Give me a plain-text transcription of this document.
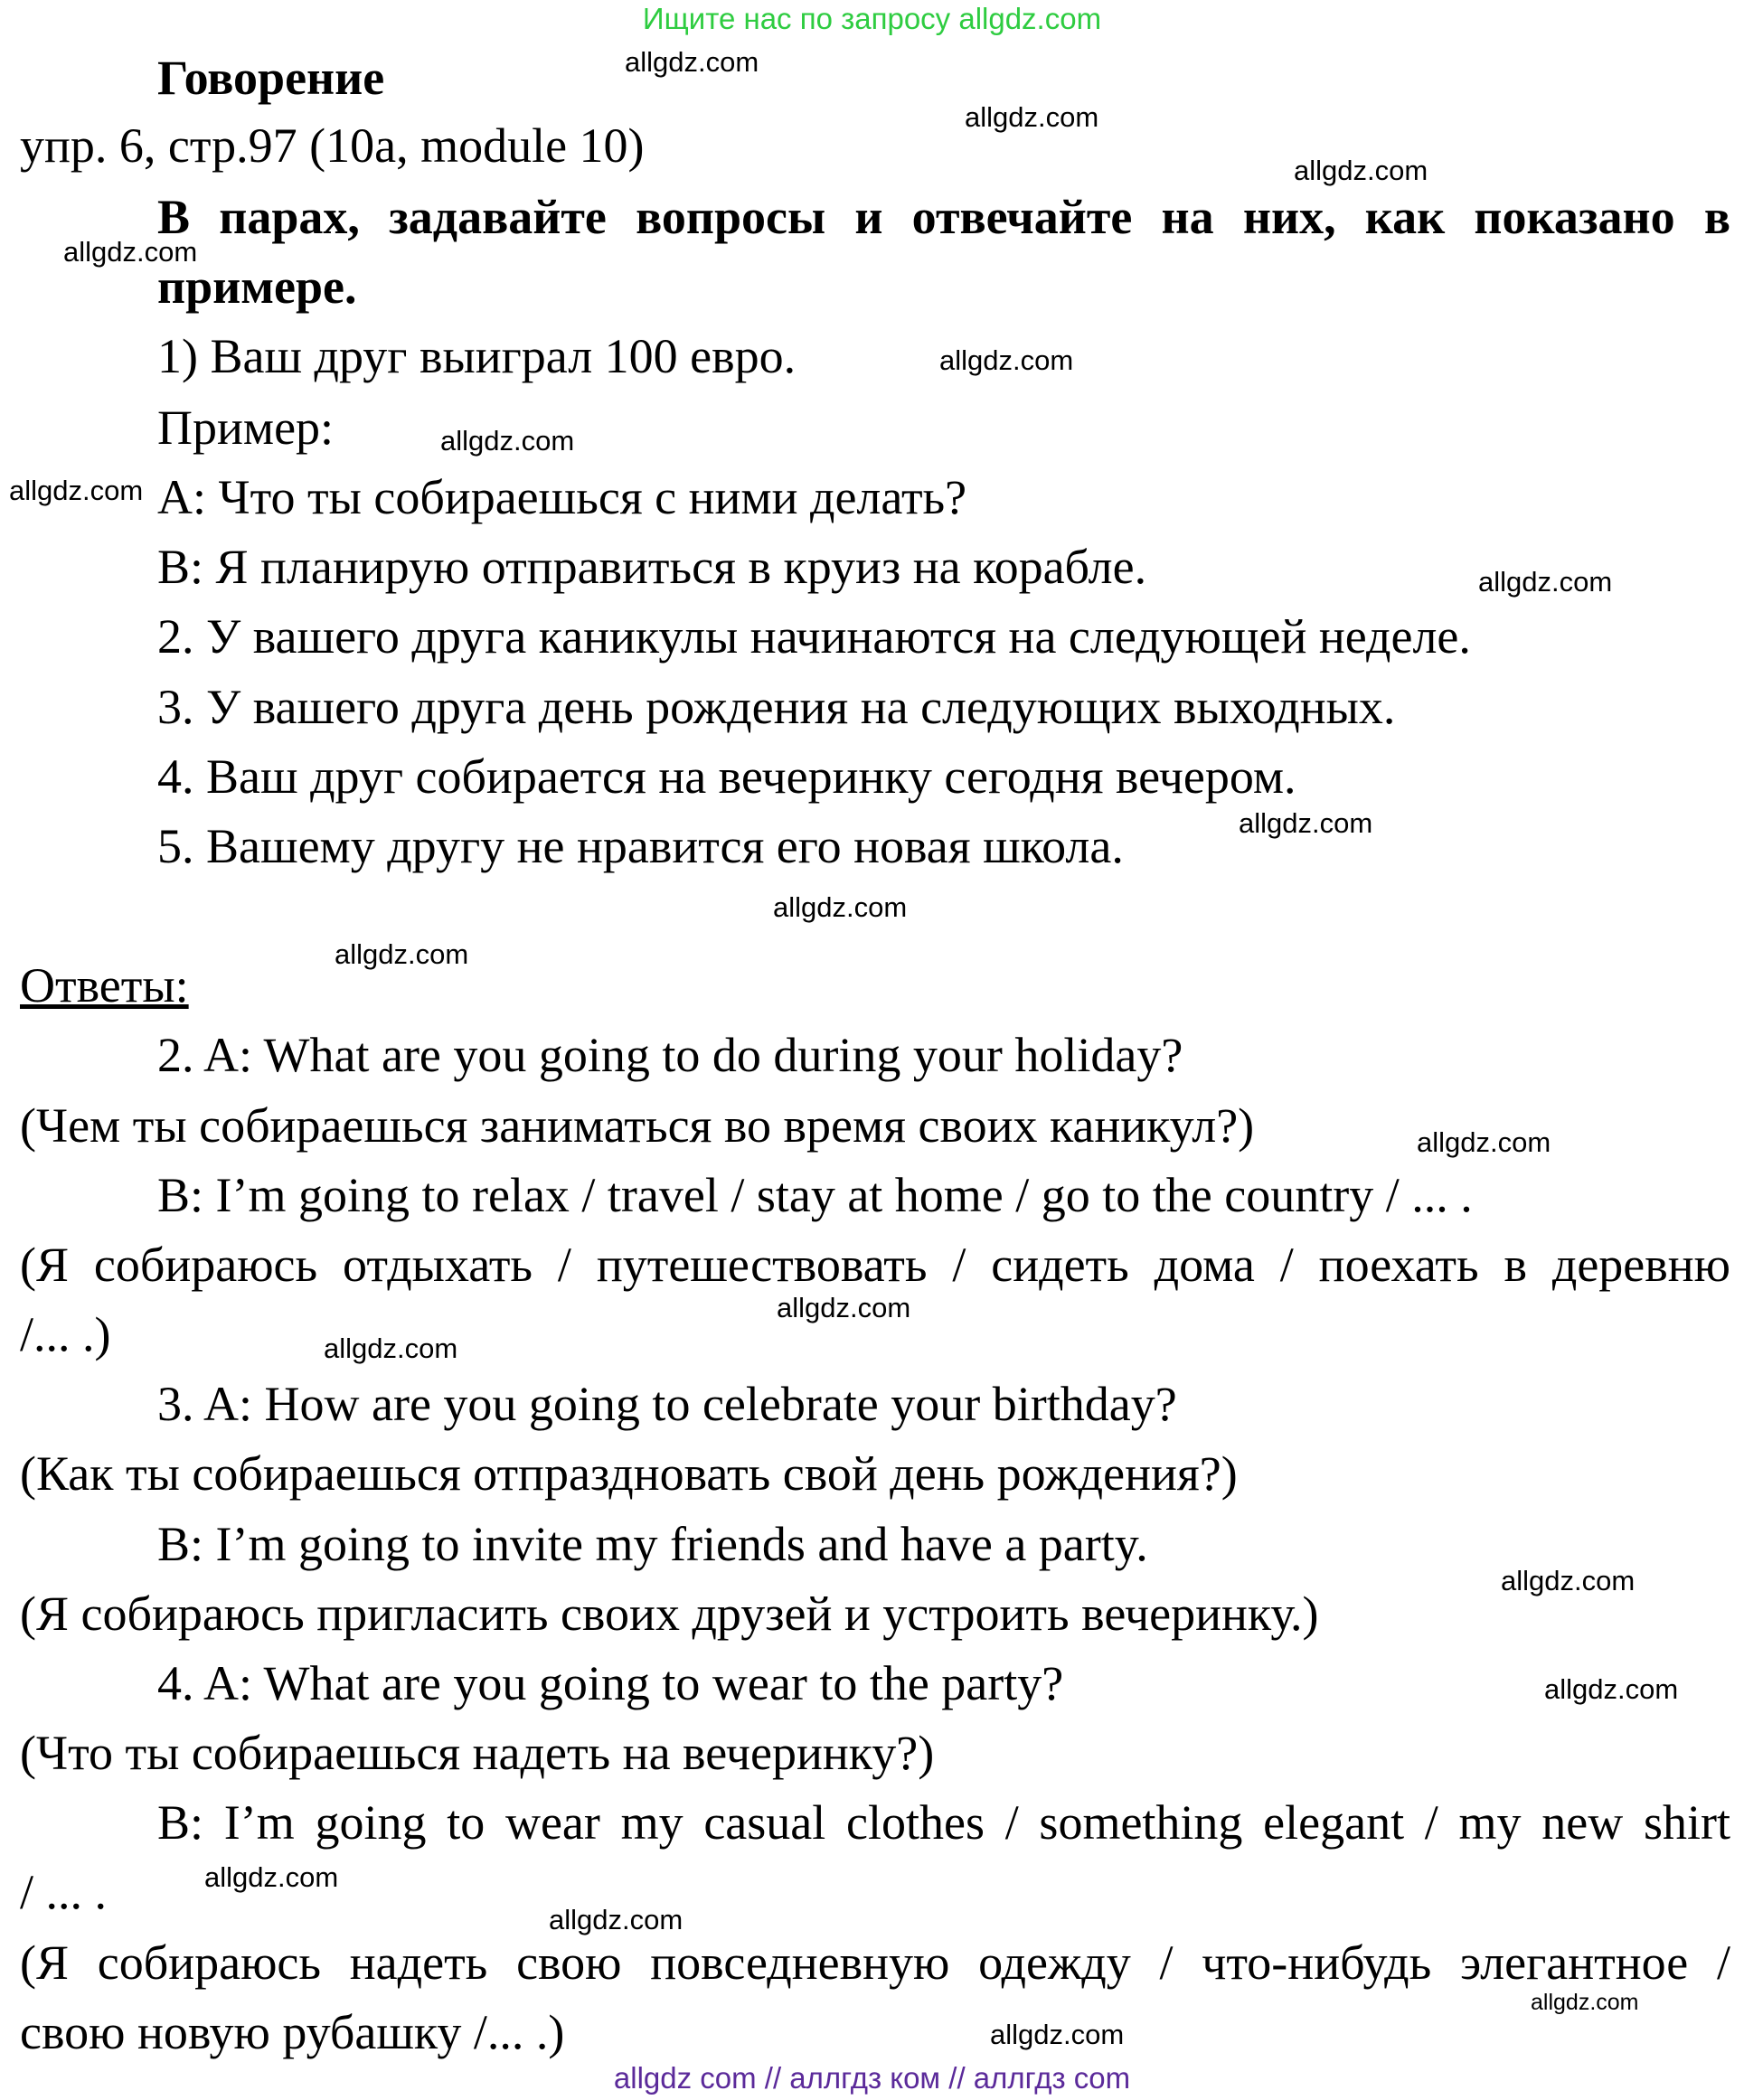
Ищите нас по запросу allgdz.com
Говорение
упр. 6, стр.97 (10a, module 10)
В парах, задавайте вопросы и отвечайте на них, как показано в
примере.
1) Ваш друг выиграл 100 евро.
Пример:
A: Что ты собираешься с ними делать?
B: Я планирую отправиться в круиз на корабле.
2. У вашего друга каникулы начинаются на следующей неделе.
3. У вашего друга день рождения на следующих выходных.
4. Ваш друг собирается на вечеринку сегодня вечером.
5. Вашему другу не нравится его новая школа.
Ответы:
2. A: What are you going to do during your holiday?
(Чем ты собираешься заниматься во время своих каникул?)
B: I’m going to relax / travel / stay at home / go to the country / ... .
(Я собираюсь отдыхать / путешествовать / сидеть дома / поехать в деревню
/... .)
3. A: How are you going to celebrate your birthday?
(Как ты собираешься отпраздновать свой день рождения?)
B: I’m going to invite my friends and have a party.
(Я собираюсь пригласить своих друзей и устроить вечеринку.)
4. A: What are you going to wear to the party?
(Что ты собираешься надеть на вечеринку?)
B: I’m going to wear my casual clothes / something elegant / my new shirt
/ ... .
(Я собираюсь надеть свою повседневную одежду / что-нибудь элегантное /
свою новую рубашку /... .)
allgdz.com
allgdz.com
allgdz.com
allgdz.com
allgdz.com
allgdz.com
allgdz.com
allgdz.com
allgdz.com
allgdz.com
allgdz.com
allgdz.com
allgdz.com
allgdz.com
allgdz.com
allgdz.com
allgdz.com
allgdz.com
allgdz.com
allgdz.com
allgdz com // аллгдз ком // аллгдз com
